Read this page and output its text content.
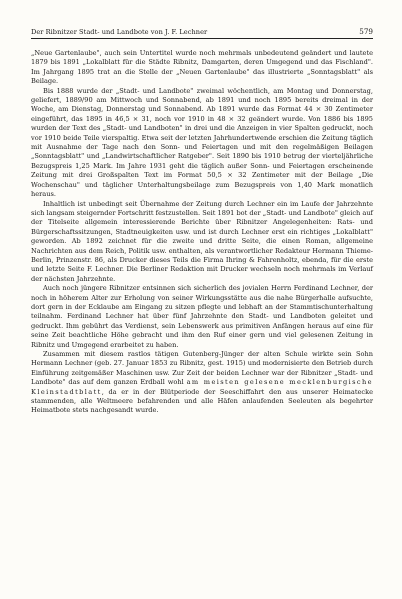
Der Ribnitzer Stadt- und Landbote von J. F. Lechner	579

„Neue Gartenlaube", auch sein Untertitel wurde noch mehrmals unbedeutend geändert und lautete 1879 bis 1891 „Lokalblatt für die Städte Ribnitz, Damgarten, deren Umgegend und das Fischland". Im Jahrgang 1895 trat an die Stelle der „Neuen Gartenlaube" das illustrierte „Sonntagsblatt" als Beilage.

Bis 1888 wurde der „Stadt- und Landbote" zweimal wöchentlich, am Montag und Donnerstag, geliefert, 1889/90 am Mittwoch und Sonnabend, ab 1891 und noch 1895 bereits dreimal in der Woche, am Dienstag, Donnerstag und Sonnabend. Ab 1891 wurde das Format 44 × 30 Zentimeter eingeführt, das 1895 in 46,5 × 31, noch vor 1910 in 48 × 32 geändert wurde. Von 1886 bis 1895 wurden der Text des „Stadt- und Landboten" in drei und die Anzeigen in vier Spalten gedruckt, noch vor 1910 beide Teile vierspaltig. Etwa seit der letzten Jahrhundertwende erschien die Zeitung täglich mit Ausnahme der Tage nach den Sonn- und Feiertagen und mit den regelmäßigen Beilagen „Sonntagsblatt" und „Landwirtschaftlicher Ratgeber". Seit 1890 bis 1910 betrug der vierteljährliche Bezugspreis 1,25 Mark. Im Jahre 1931 geht die täglich außer Sonn- und Feiertagen erscheinende Zeitung mit drei Großspalten Text im Format 50,5 × 32 Zentimeter mit der Beilage „Die Wochenschau" und täglicher Unterhaltungsbeilage zum Bezugspreis von 1,40 Mark monatlich heraus.

Inhaltlich ist unbedingt seit Übernahme der Zeitung durch Lechner ein im Laufe der Jahrzehnte sich langsam steigernder Fortschritt festzustellen. Seit 1891 bot der „Stadt- und Landbote" gleich auf der Titelseite allgemein interessierende Berichte über Ribnitzer Angelegenheiten: Rats- und Bürgerschaftssitzungen, Stadtneuigkeiten usw. und ist durch Lechner erst ein richtiges „Lokalblatt" geworden. Ab 1892 zeichnet für die zweite und dritte Seite, die einen Roman, allgemeine Nachrichten aus dem Reich, Politik usw. enthalten, als verantwortlicher Redakteur Hermann Thieme-Berlin, Prinzenstr. 86, als Drucker dieses Teils die Firma Ihring & Fahrenholtz, ebenda, für die erste und letzte Seite F. Lechner. Die Berliner Redaktion mit Drucker wechseln noch mehrmals im Verlauf der nächsten Jahrzehnte.

Auch noch jüngere Ribnitzer entsinnen sich sicherlich des jovialen Herrn Ferdinand Lechner, der noch in höherem Alter zur Erholung von seiner Wirkungsstätte aus die nahe Bürgerhalle aufsuchte, dort gern in der Ecklaube am Eingang zu sitzen pflegte und lebhaft an der Stammtischunterhaltung teilnahm. Ferdinand Lechner hat über fünf Jahrzehnte den Stadt- und Landboten geleitet und gedruckt. Ihm gebührt das Verdienst, sein Lebenswerk aus primitiven Anfängen heraus auf eine für seine Zeit beachtliche Höhe gebracht und ihm den Ruf einer gern und viel gelesenen Zeitung in Ribnitz und Umgegend erarbeitet zu haben.

Zusammen mit diesem rastlos tätigen Gutenberg-Jünger der alten Schule wirkte sein Sohn Hermann Lechner (geb. 27. Januar 1853 zu Ribnitz, gest. 1915) und modernisierte den Betrieb durch Einführung zeitgemäßer Maschinen usw. Zur Zeit der beiden Lechner war der Ribnitzer „Stadt- und Landbote" das auf dem ganzen Erdball wohl am meisten gelesene mecklenburgische Kleinstadtblatt, da er in der Blütperiode der Seeschiffahrt den aus unserer Heimatecke stammenden, alle Weltmeere befahrenden und alle Häfen anlaufenden Seeleuten als begehrter Heimatbote stets nachgesandt wurde.
